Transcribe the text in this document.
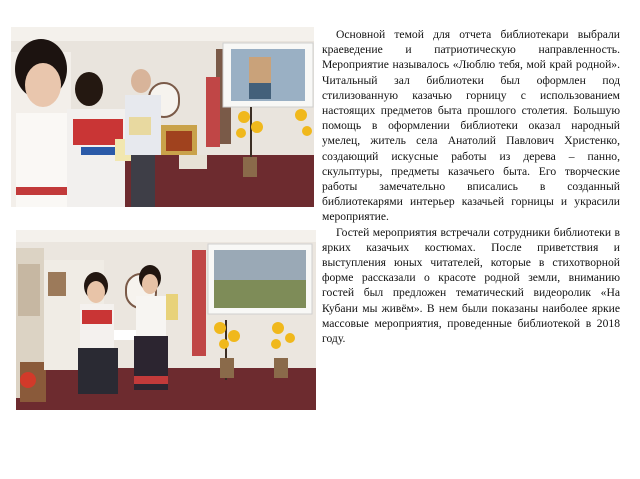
Основной темой для отчета библиотекари выбрали краеведение и патриотическую направленность. Мероприятие называлось «Люблю тебя, мой край родной». Читальный зал библиотеки был оформлен под стилизованную казачью горницу с использованием настоящих предметов быта прошлого столетия. Большую помощь в оформлении библиотеки оказал народный умелец, житель села Анатолий Павлович Христенко, создающий искусные работы из дерева – панно, скульптуры, предметы казачьего быта. Его творческие работы замечательно вписались в созданный библиотекарями интерьер казачьей горницы и украсили мероприятие.

Гостей мероприятия встречали сотрудники библиотеки в ярких казачьих костюмах. После приветствия и выступления юных читателей, которые в стихотворной форме рассказали о красоте родной земли, вниманию гостей был предложен тематический видеоролик «На Кубани мы живём». В нем были показаны наиболее яркие массовые мероприятия, проведенные библиотекой в 2018 году.
